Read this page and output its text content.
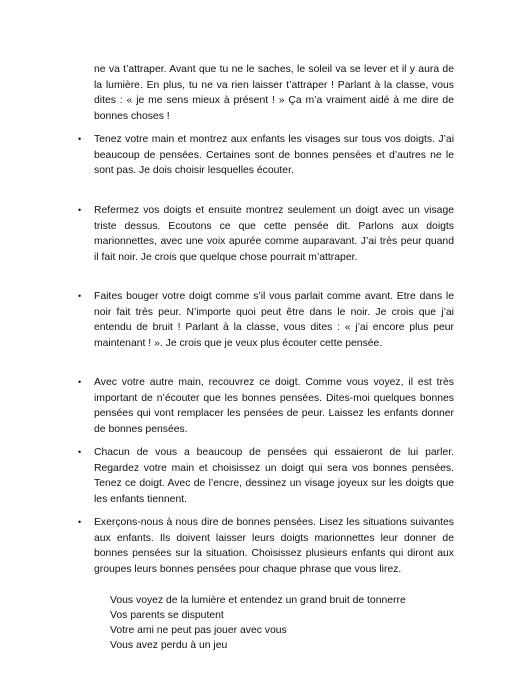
ne va t’attraper. Avant que tu ne le saches, le soleil va se lever et il y aura de la lumière. En plus, tu ne va rien laisser t’attraper ! Parlant à la classe, vous dites : « je me sens mieux à présent ! » Ça m’a vraiment aidé à me dire de bonnes choses !

• Tenez votre main et montrez aux enfants les visages sur tous vos doigts. J’ai beaucoup de pensées. Certaines sont de bonnes pensées et d’autres ne le sont pas. Je dois choisir lesquelles écouter.

• Refermez vos doigts et ensuite montrez seulement un doigt avec un visage triste dessus. Ecoutons ce que cette pensée dit. Parlons aux doigts marionnettes, avec une voix apurée comme auparavant. J’ai très peur quand il fait noir. Je crois que quelque chose pourrait m’attraper.

• Faites bouger votre doigt comme s’il vous parlait comme avant. Etre dans le noir fait très peur. N’importe quoi peut être dans le noir. Je crois que j’ai entendu de bruit ! Parlant à la classe, vous dites : « j’ai encore plus peur maintenant ! ». Je crois que je veux plus écouter cette pensée.

• Avec votre autre main, recouvrez ce doigt. Comme vous voyez, il est très important de n’écouter que les bonnes pensées. Dites-moi quelques bonnes pensées qui vont remplacer les pensées de peur. Laissez les enfants donner de bonnes pensées.

• Chacun de vous a beaucoup de pensées qui essaieront de lui parler. Regardez votre main et choisissez un doigt qui sera vos bonnes pensées. Tenez ce doigt. Avec de l’encre, dessinez un visage joyeux sur les doigts que les enfants tiennent.

• Exerçons-nous à nous dire de bonnes pensées. Lisez les situations suivantes aux enfants. Ils doivent laisser leurs doigts marionnettes leur donner de bonnes pensées sur la situation. Choisissez plusieurs enfants qui diront aux groupes leurs bonnes pensées pour chaque phrase que vous lirez.

Vous voyez de la lumière et entendez un grand bruit de tonnerre
Vos parents se disputent
Votre ami ne peut pas jouer avec vous
Vous avez perdu à un jeu
